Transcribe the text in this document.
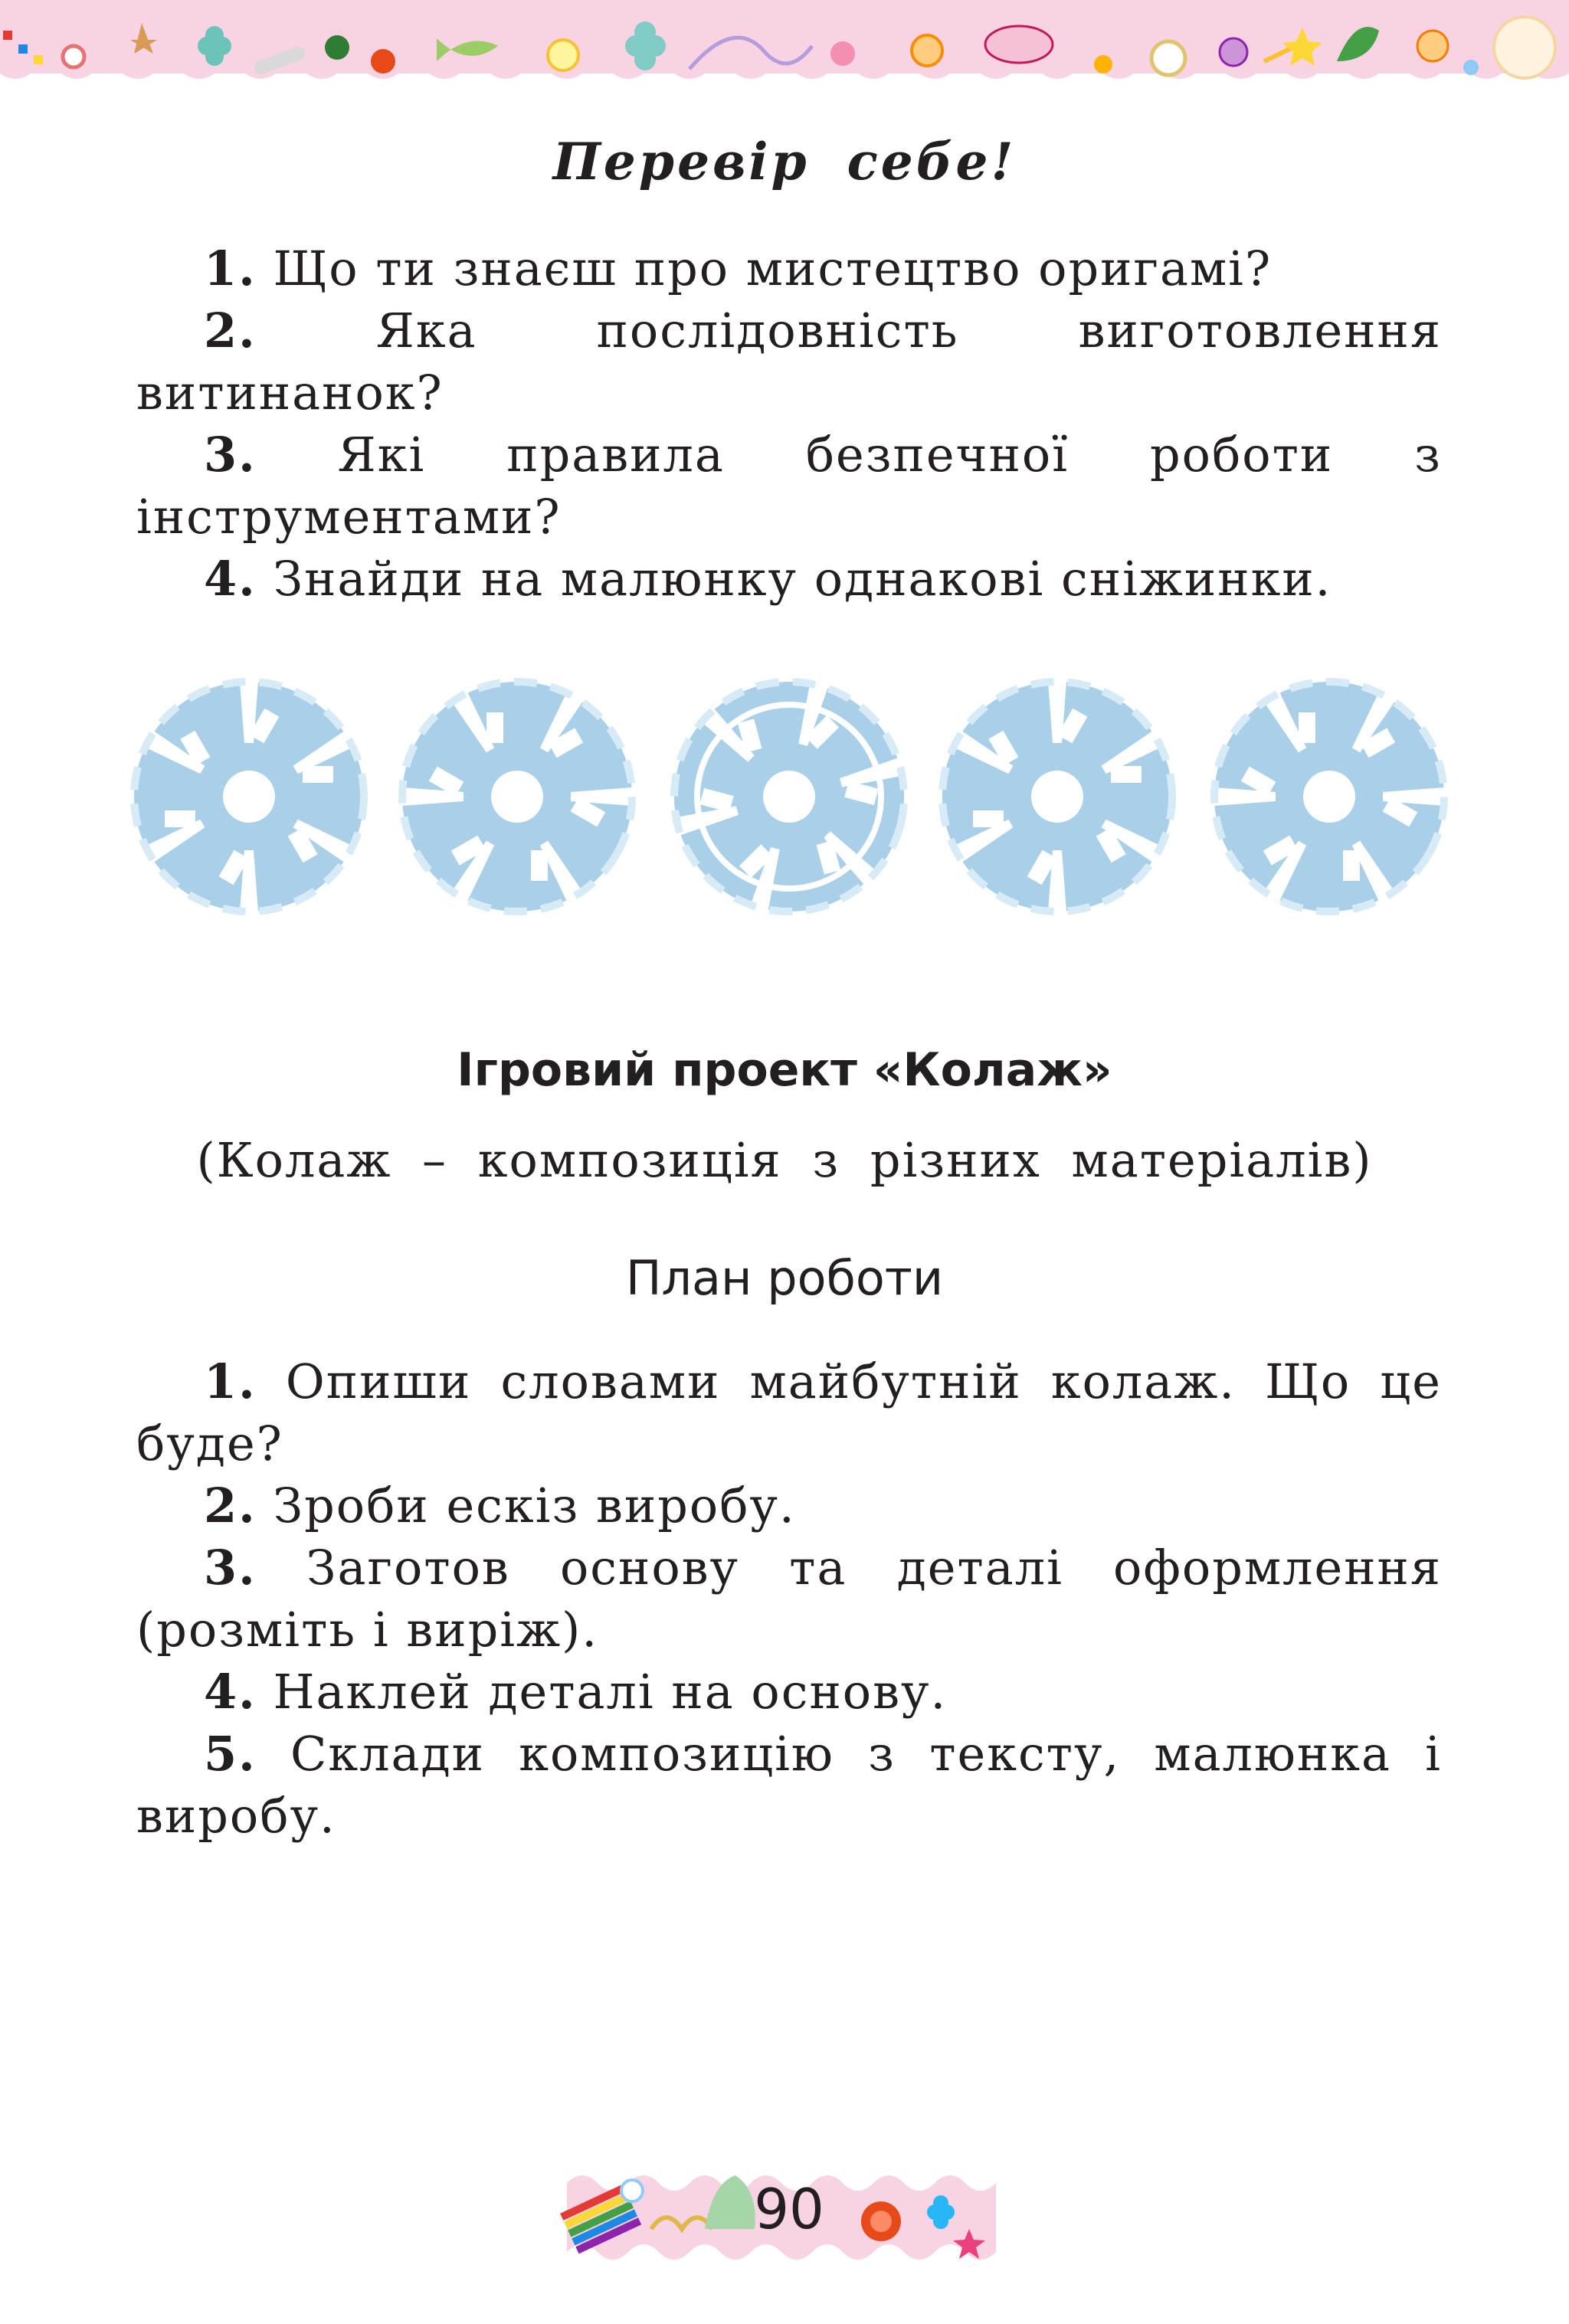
Перевір себе!
1. Що ти знаєш про мистецтво оригамі?
2.	Яка послідовність виготовлення витинанок?
3. Які правила безпечної роботи з інструментами?
4. Знайди на малюнку однакові сніжинки.
Ігровий проект «Колаж»
(Колаж – композиція з різних матеріалів)
План роботи
1. Опиши словами майбутній колаж. Що це буде?
2. Зроби ескіз виробу.
3. Заготов основу та деталі оформлення (розміть і виріж).
4. Наклей деталі на основу.
5. Склади композицію з тексту, малюнка і виробу.
90
